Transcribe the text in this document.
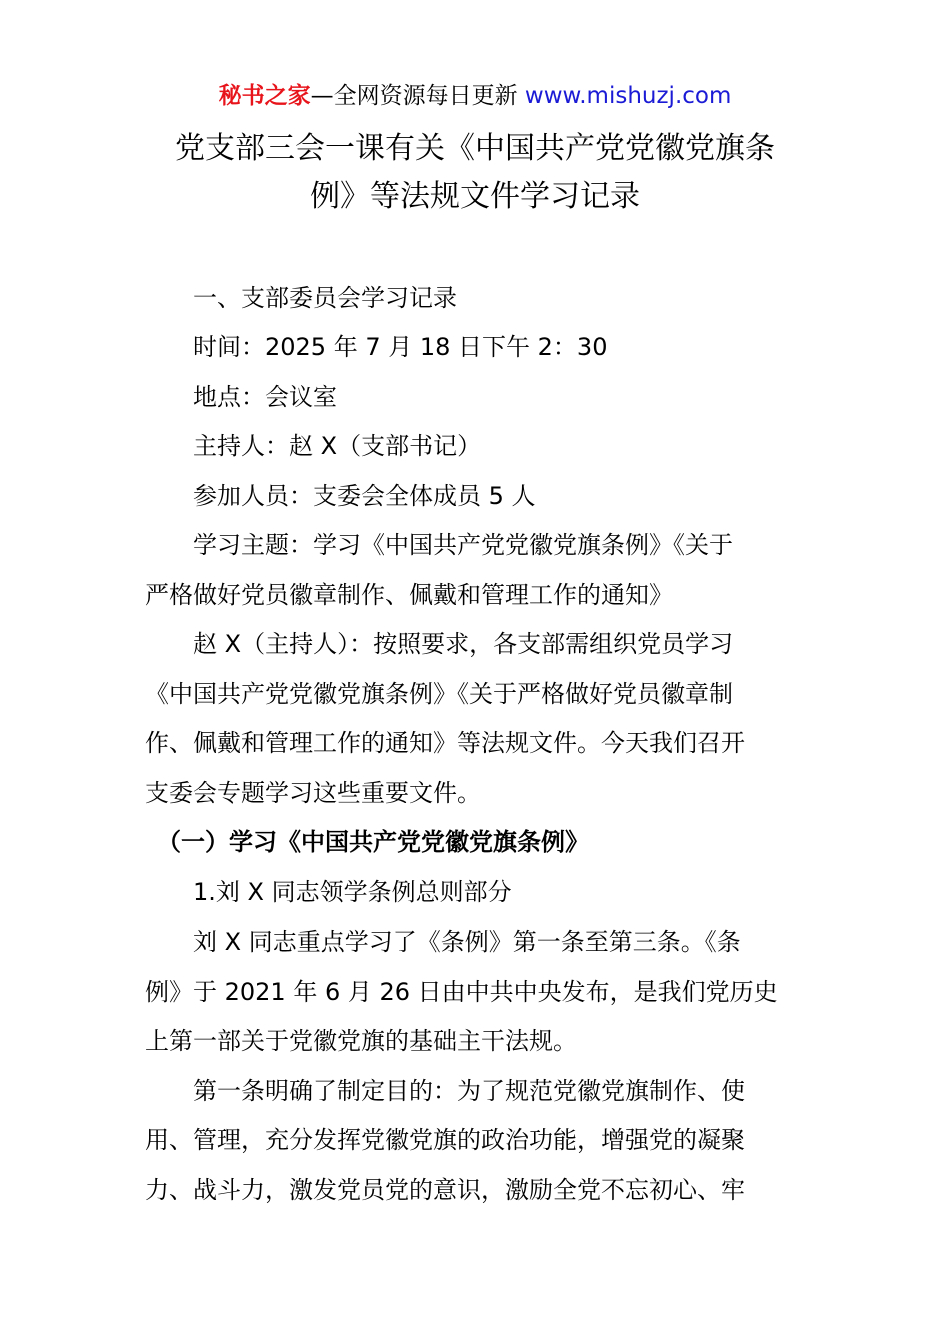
秘书之家—全网资源每日更新 www.mishuzj.com
党支部三会一课有关《中国共产党党徽党旗条
例》等法规文件学习记录
　　一、支部委员会学习记录
　　时间：2025 年 7 月 18 日下午 2：30
　　地点：会议室
　　主持人：赵 X（支部书记）
　　参加人员：支委会全体成员 5 人
　　学习主题：学习《中国共产党党徽党旗条例》《关于
严格做好党员徽章制作、佩戴和管理工作的通知》
　　赵 X（主持人）：按照要求，各支部需组织党员学习
《中国共产党党徽党旗条例》《关于严格做好党员徽章制
作、佩戴和管理工作的通知》等法规文件。今天我们召开
支委会专题学习这些重要文件。
　（一）学习《中国共产党党徽党旗条例》
　　1.刘 X 同志领学条例总则部分
　　刘 X 同志重点学习了《条例》第一条至第三条。《条
例》于 2021 年 6 月 26 日由中共中央发布，是我们党历史
上第一部关于党徽党旗的基础主干法规。
　　第一条明确了制定目的：为了规范党徽党旗制作、使
用、管理，充分发挥党徽党旗的政治功能，增强党的凝聚
力、战斗力，激发党员党的意识，激励全党不忘初心、牢
